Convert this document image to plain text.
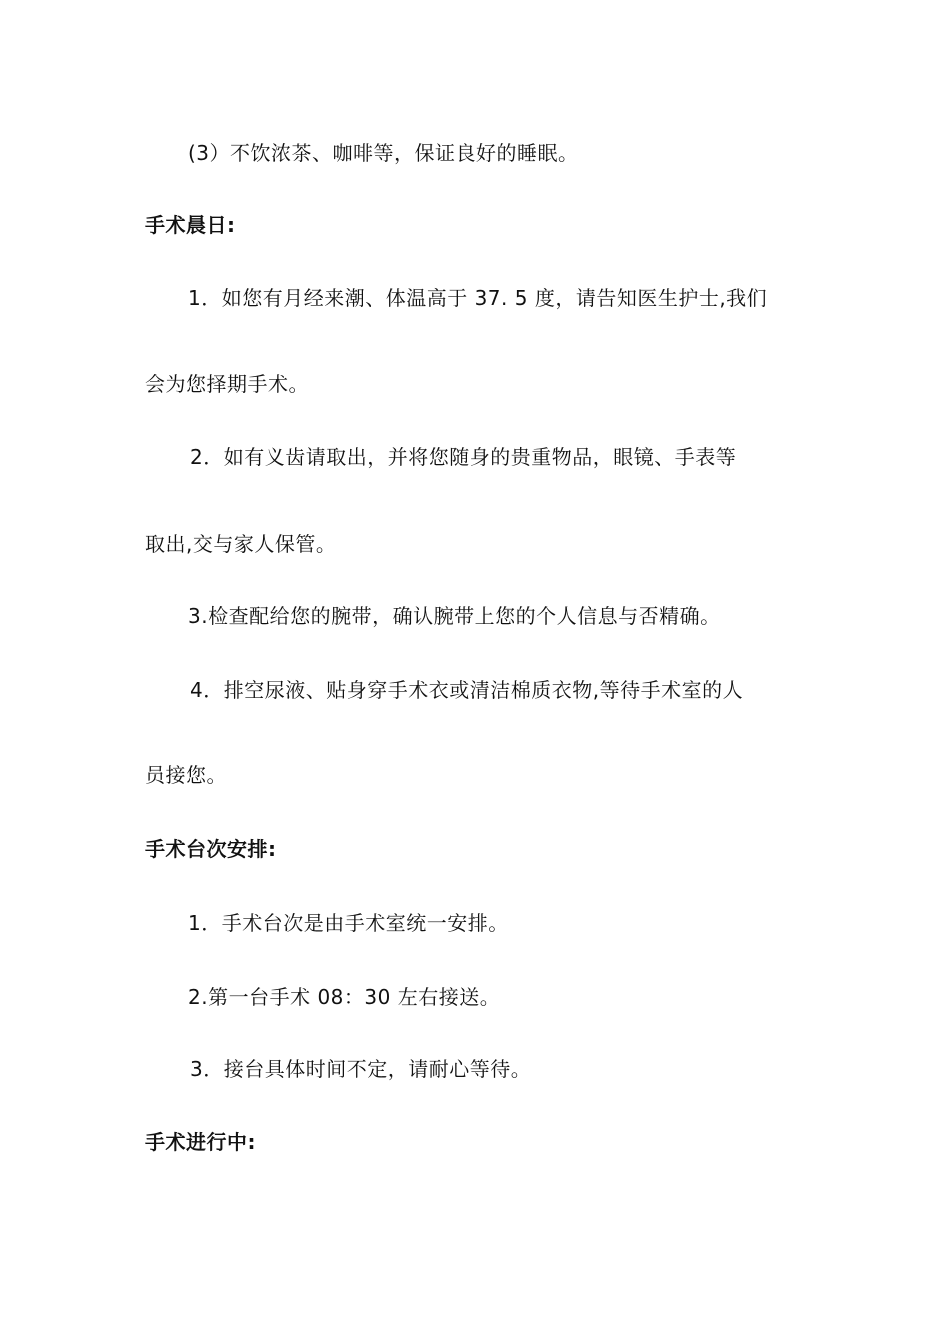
(3）不饮浓茶、咖啡等，保证良好的睡眠。
手术晨日:
1．如您有月经来潮、体温高于 37. 5 度，请告知医生护士,我们
会为您择期手术。
2．如有义齿请取出，并将您随身的贵重物品，眼镜、手表等
取出,交与家人保管。
3.检查配给您的腕带，确认腕带上您的个人信息与否精确。
4．排空尿液、贴身穿手术衣或清洁棉质衣物,等待手术室的人
员接您。
手术台次安排:
1．手术台次是由手术室统一安排。
2.第一台手术 08：30 左右接送。
3．接台具体时间不定，请耐心等待。
手术进行中:
